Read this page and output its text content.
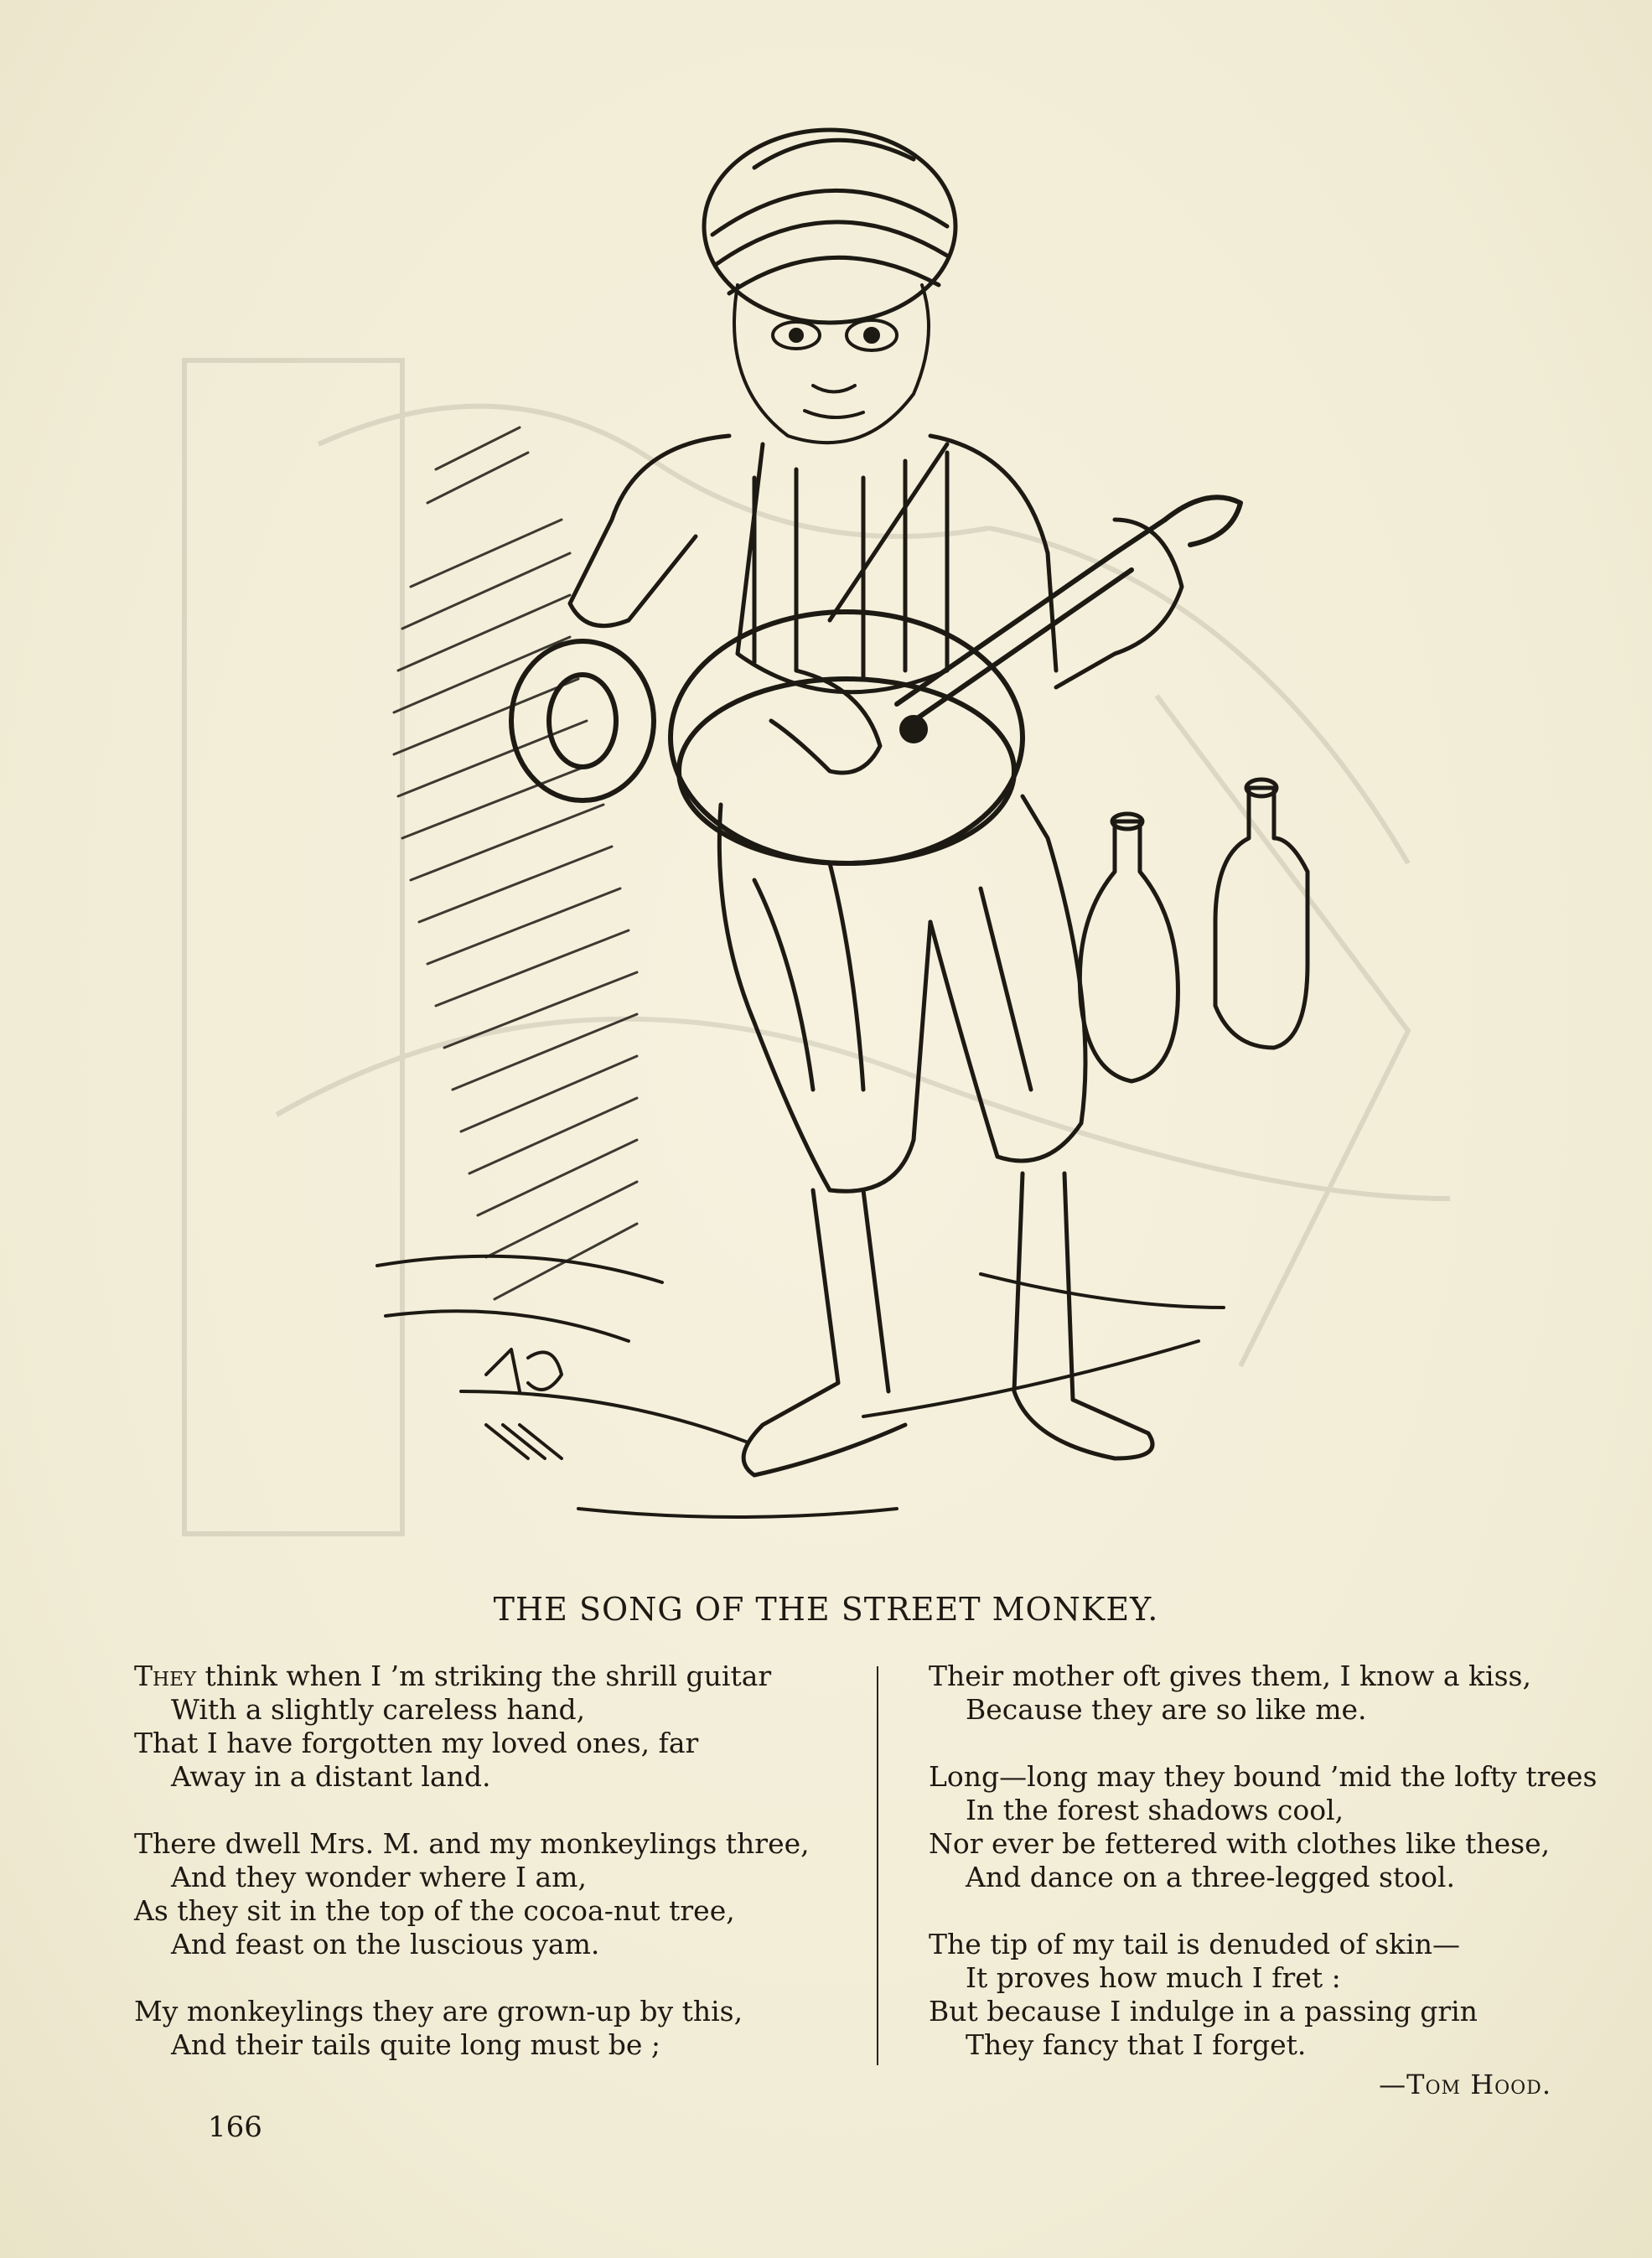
THE SONG OF THE STREET MONKEY.
They think when I ’m striking the shrill guitar
With a slightly careless hand,
That I have forgotten my loved ones, far
Away in a distant land.
There dwell Mrs. M. and my monkeylings three,
And they wonder where I am,
As they sit in the top of the cocoa-nut tree,
And feast on the luscious yam.
My monkeylings they are grown-up by this,
And their tails quite long must be ;
Their mother oft gives them, I know a kiss,
Because they are so like me.
Long—long may they bound ’mid the lofty trees
In the forest shadows cool,
Nor ever be fettered with clothes like these,
And dance on a three-legged stool.
The tip of my tail is denuded of skin—
It proves how much I fret :
But because I indulge in a passing grin
They fancy that I forget.
—Tom Hood.
166
